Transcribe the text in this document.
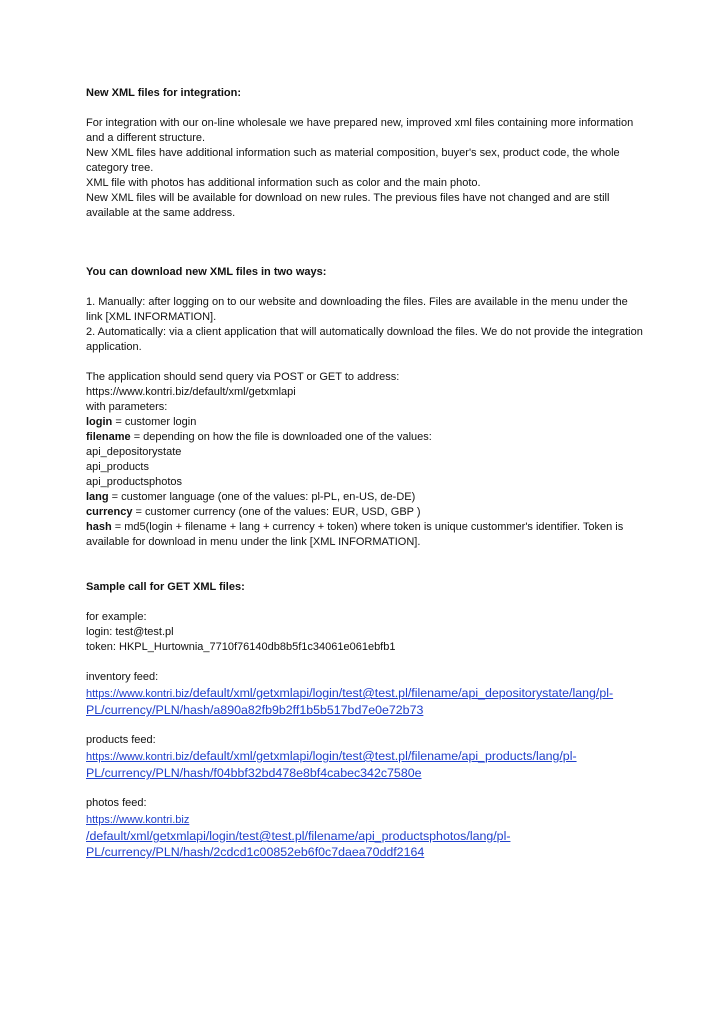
New XML files for integration:

For integration with our on-line wholesale we have prepared new, improved xml files containing more information and a different structure.

New XML files have additional information such as material composition, buyer's sex, product code, the whole category tree.

XML file with photos has additional information such as color and the main photo.

New XML files will be available for download on new rules. The previous files have not changed and are still available at the same address.

You can download new XML files in two ways:

1. Manually: after logging on to our website and downloading the files. Files are available in the menu under the link [XML INFORMATION].

2. Automatically: via a client application that will automatically download the files. We do not provide the integration application.

The application should send query via POST or GET to address:

https://www.kontri.biz/default/xml/getxmlapi

with parameters:

login = customer login

filename = depending on how the file is downloaded one of the values:

api_depositorystate

api_products

api_productsphotos

lang = customer language (one of the values: pl-PL, en-US, de-DE)

currency = customer currency (one of the values: EUR, USD, GBP )

hash = md5(login + filename + lang + currency + token) where token is unique custommer's identifier. Token is available for download in menu under the link [XML INFORMATION].

Sample call for GET XML files:

for example:

login: test@test.pl

token: HKPL_Hurtownia_7710f76140db8b5f1c34061e061ebfb1

inventory feed:

https://www.kontri.biz/default/xml/getxmlapi/login/test@test.pl/filename/api_depositorystate/lang/pl-PL/currency/PLN/hash/a890a82fb9b2ff1b5b517bd7e0e72b73

products feed:

https://www.kontri.biz/default/xml/getxmlapi/login/test@test.pl/filename/api_products/lang/pl-PL/currency/PLN/hash/f04bbf32bd478e8bf4cabec342c7580e

photos feed:

https://www.kontri.biz
/default/xml/getxmlapi/login/test@test.pl/filename/api_productsphotos/lang/pl-PL/currency/PLN/hash/2cdcd1c00852eb6f0c7daea70ddf2164
